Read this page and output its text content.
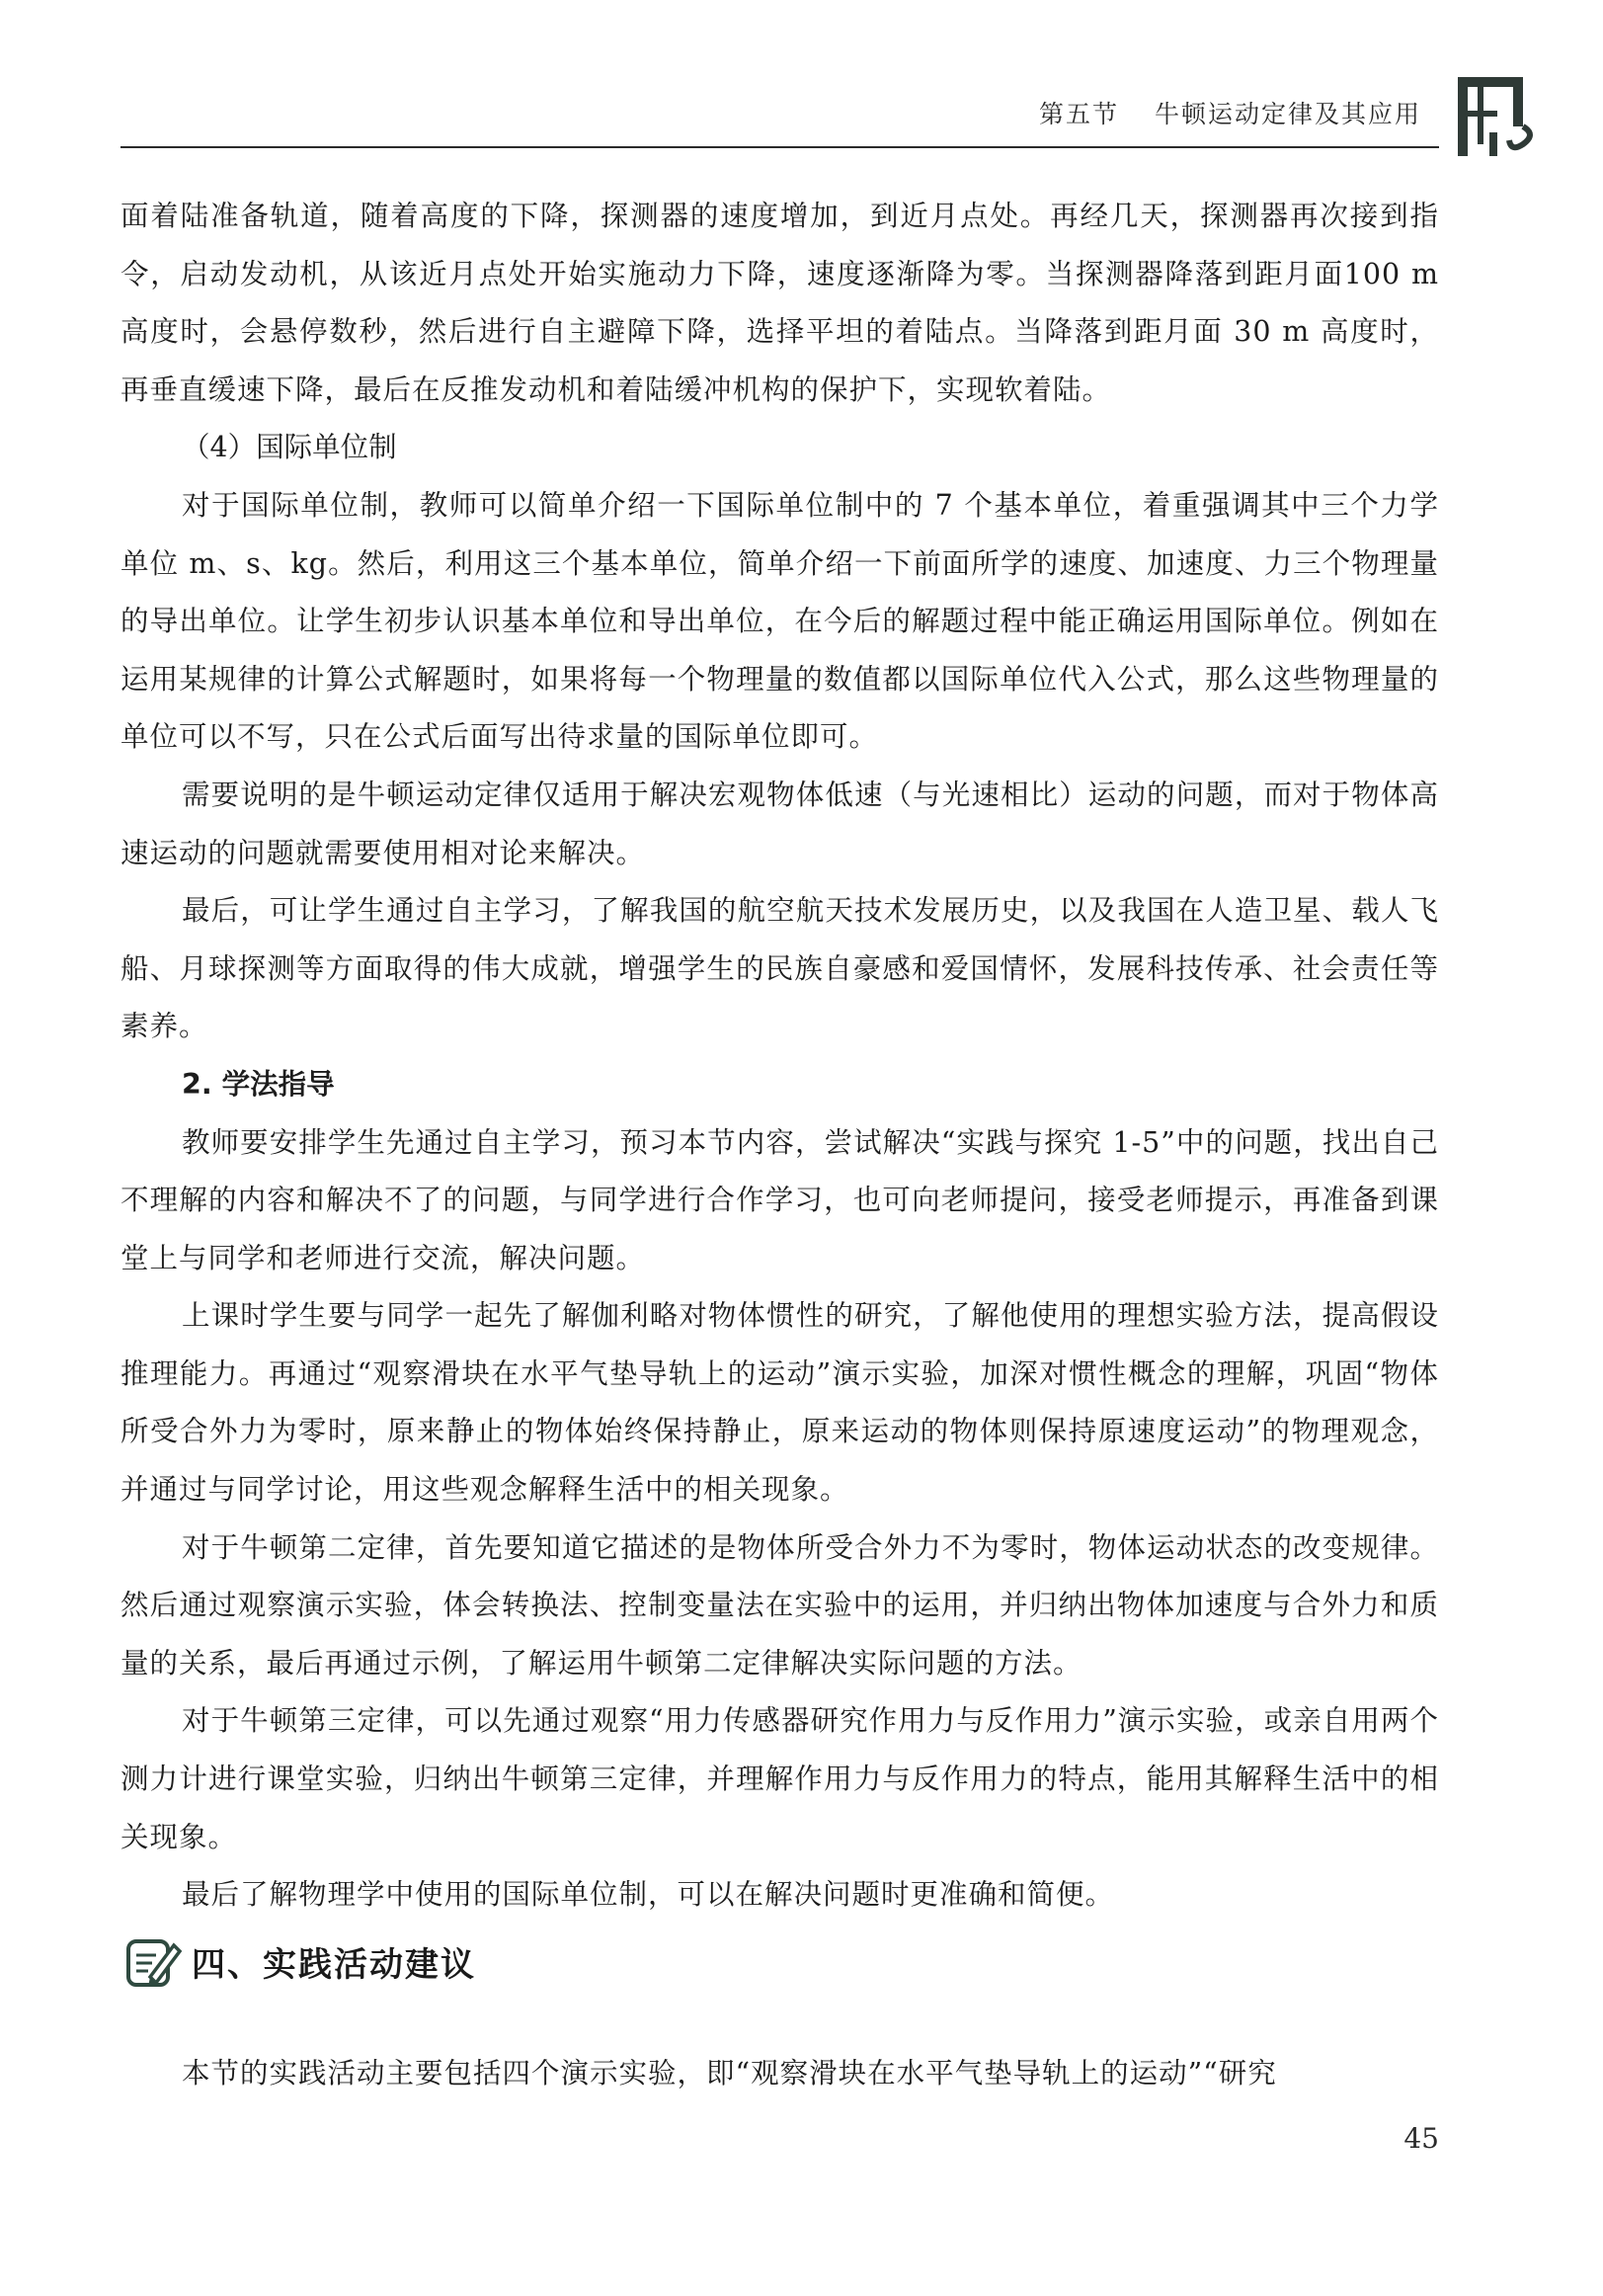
第五节 牛顿运动定律及其应用

面着陆准备轨道，随着高度的下降，探测器的速度增加，到近月点处。再经几天，探测器再次接到指令，启动发动机，从该近月点处开始实施动力下降，速度逐渐降为零。当探测器降落到距月面100 m 高度时，会悬停数秒，然后进行自主避障下降，选择平坦的着陆点。当降落到距月面 30 m 高度时，再垂直缓速下降，最后在反推发动机和着陆缓冲机构的保护下，实现软着陆。

（4）国际单位制

对于国际单位制，教师可以简单介绍一下国际单位制中的 7 个基本单位，着重强调其中三个力学单位 m、s、kg。然后，利用这三个基本单位，简单介绍一下前面所学的速度、加速度、力三个物理量的导出单位。让学生初步认识基本单位和导出单位，在今后的解题过程中能正确运用国际单位。例如在运用某规律的计算公式解题时，如果将每一个物理量的数值都以国际单位代入公式，那么这些物理量的单位可以不写，只在公式后面写出待求量的国际单位即可。

需要说明的是牛顿运动定律仅适用于解决宏观物体低速（与光速相比）运动的问题，而对于物体高速运动的问题就需要使用相对论来解决。

最后，可让学生通过自主学习，了解我国的航空航天技术发展历史，以及我国在人造卫星、载人飞船、月球探测等方面取得的伟大成就，增强学生的民族自豪感和爱国情怀，发展科技传承、社会责任等素养。

2. 学法指导

教师要安排学生先通过自主学习，预习本节内容，尝试解决“实践与探究 1-5”中的问题，找出自己不理解的内容和解决不了的问题，与同学进行合作学习，也可向老师提问，接受老师提示，再准备到课堂上与同学和老师进行交流，解决问题。

上课时学生要与同学一起先了解伽利略对物体惯性的研究，了解他使用的理想实验方法，提高假设推理能力。再通过“观察滑块在水平气垫导轨上的运动”演示实验，加深对惯性概念的理解，巩固“物体所受合外力为零时，原来静止的物体始终保持静止，原来运动的物体则保持原速度运动”的物理观念，并通过与同学讨论，用这些观念解释生活中的相关现象。

对于牛顿第二定律，首先要知道它描述的是物体所受合外力不为零时，物体运动状态的改变规律。然后通过观察演示实验，体会转换法、控制变量法在实验中的运用，并归纳出物体加速度与合外力和质量的关系，最后再通过示例，了解运用牛顿第二定律解决实际问题的方法。

对于牛顿第三定律，可以先通过观察“用力传感器研究作用力与反作用力”演示实验，或亲自用两个测力计进行课堂实验，归纳出牛顿第三定律，并理解作用力与反作用力的特点，能用其解释生活中的相关现象。

最后了解物理学中使用的国际单位制，可以在解决问题时更准确和简便。

四、实践活动建议

本节的实践活动主要包括四个演示实验，即“观察滑块在水平气垫导轨上的运动”“研究

45
